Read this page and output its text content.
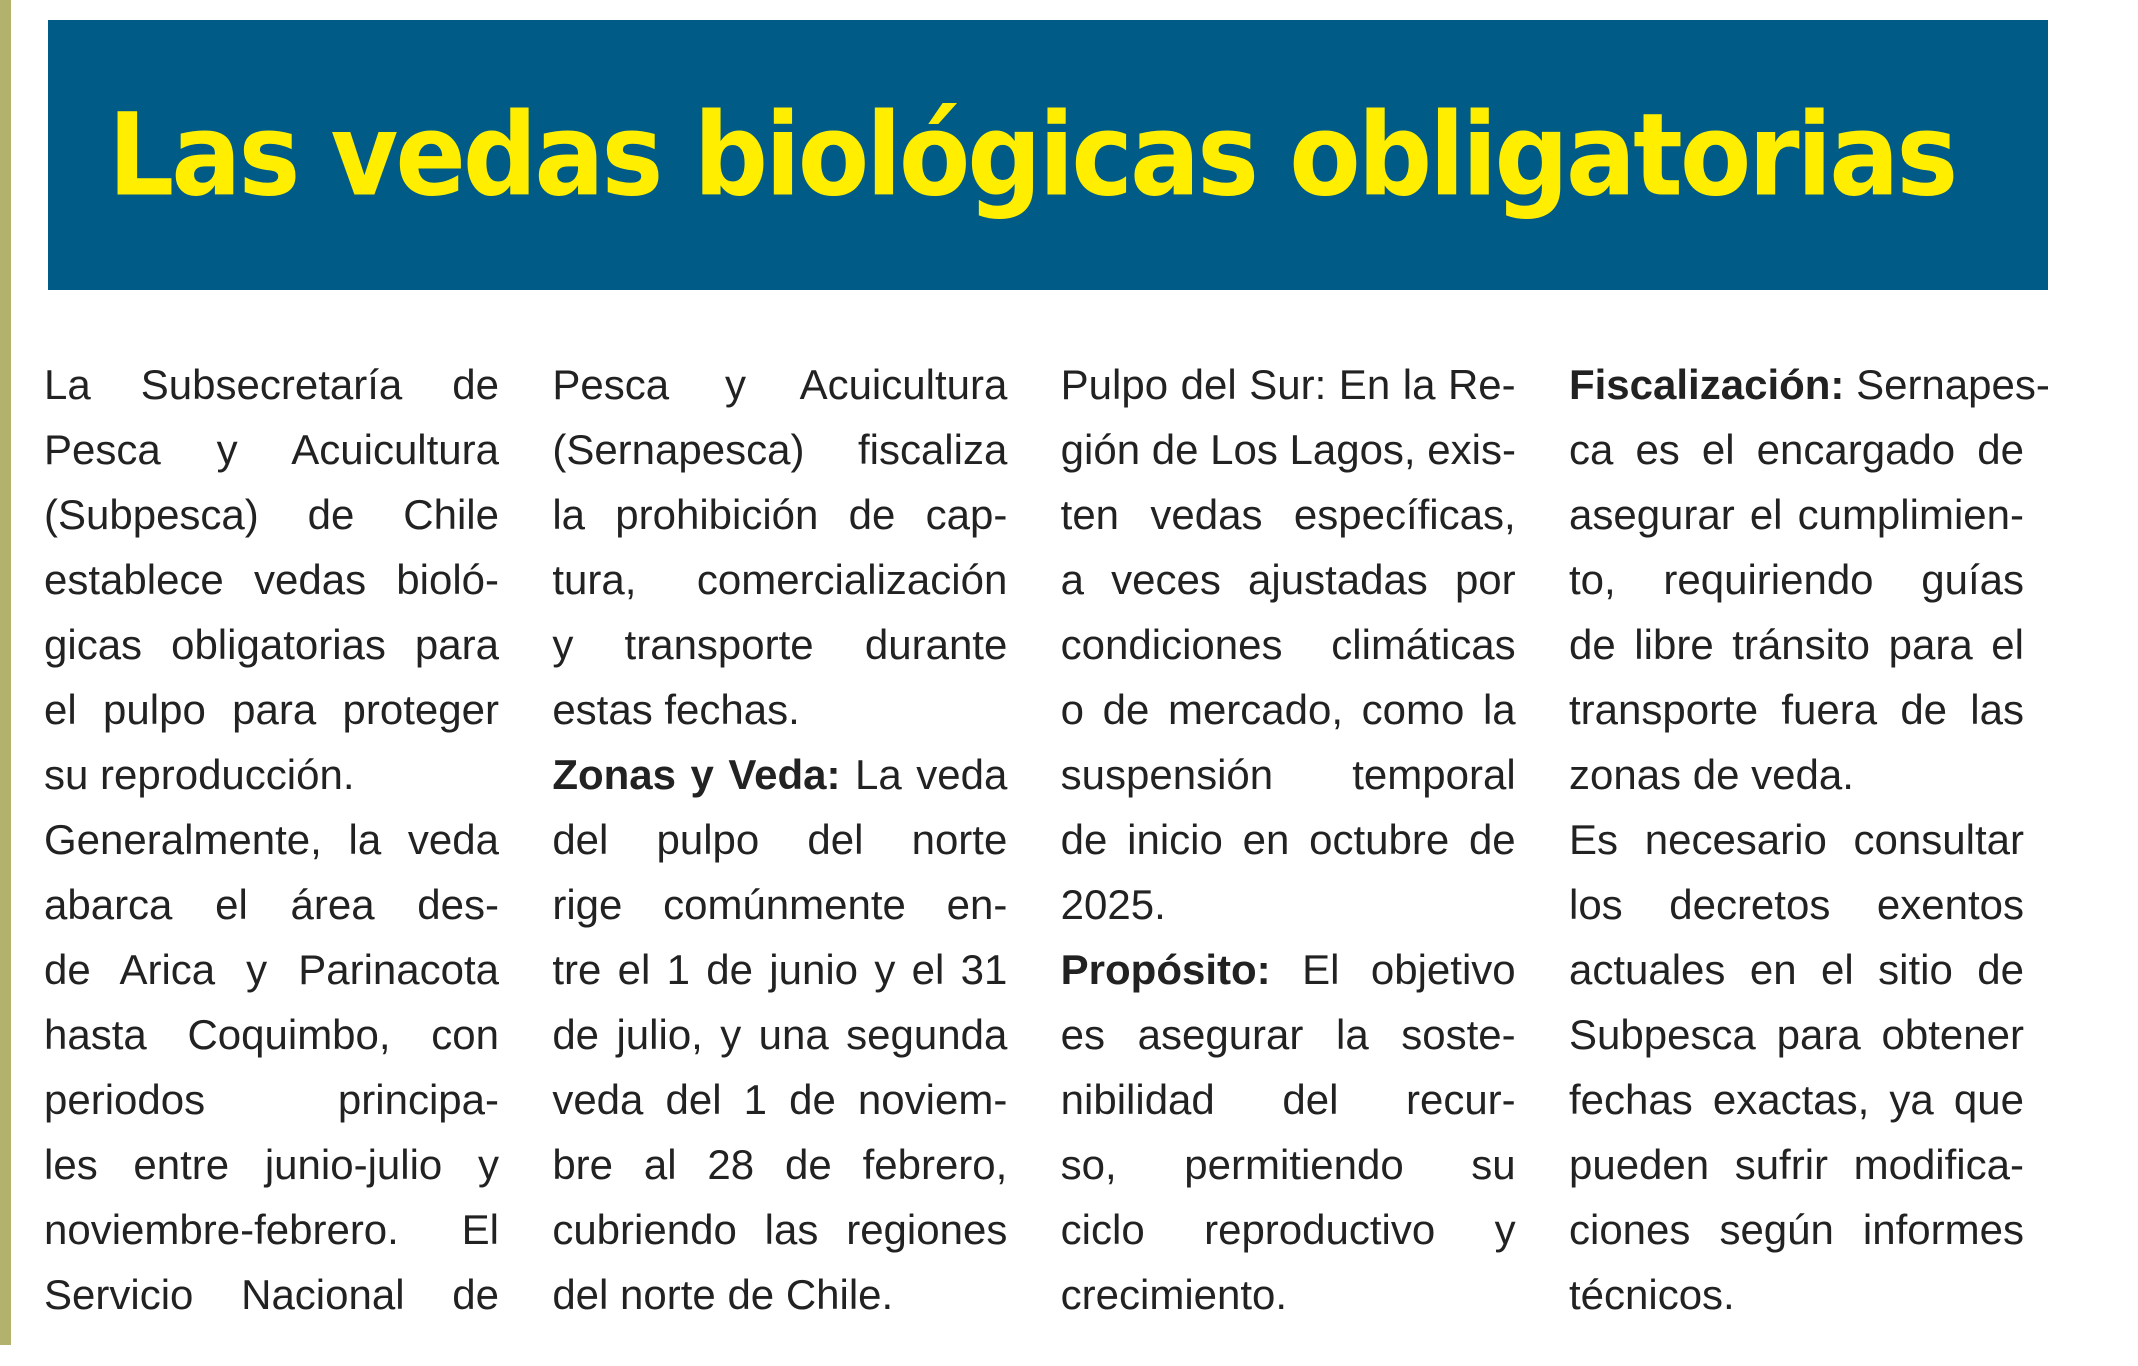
Las vedas biológicas obligatorias
La Subsecretaría de
Pesca y Acuicultura
(Subpesca) de Chile
establece vedas bioló-
gicas obligatorias para
el pulpo para proteger
su reproducción.
Generalmente, la veda
abarca el área des-
de Arica y Parinacota
hasta Coquimbo, con
periodos principa-
les entre junio-julio y
noviembre-febrero. El
Servicio Nacional de
Pesca y Acuicultura
(Sernapesca) fiscaliza
la prohibición de cap-
tura, comercialización
y transporte durante
estas fechas.
Zonas y Veda: La veda
del pulpo del norte
rige comúnmente en-
tre el 1 de junio y el 31
de julio, y una segunda
veda del 1 de noviem-
bre al 28 de febrero,
cubriendo las regiones
del norte de Chile.
Pulpo del Sur: En la Re-
gión de Los Lagos, exis-
ten vedas específicas,
a veces ajustadas por
condiciones climáticas
o de mercado, como la
suspensión temporal
de inicio en octubre de
2025.
Propósito: El objetivo
es asegurar la soste-
nibilidad del recur-
so, permitiendo su
ciclo reproductivo y
crecimiento.
Fiscalización: Sernapes-
ca es el encargado de
asegurar el cumplimien-
to, requiriendo guías
de libre tránsito para el
transporte fuera de las
zonas de veda.
Es necesario consultar
los decretos exentos
actuales en el sitio de
Subpesca para obtener
fechas exactas, ya que
pueden sufrir modifica-
ciones según informes
técnicos.
